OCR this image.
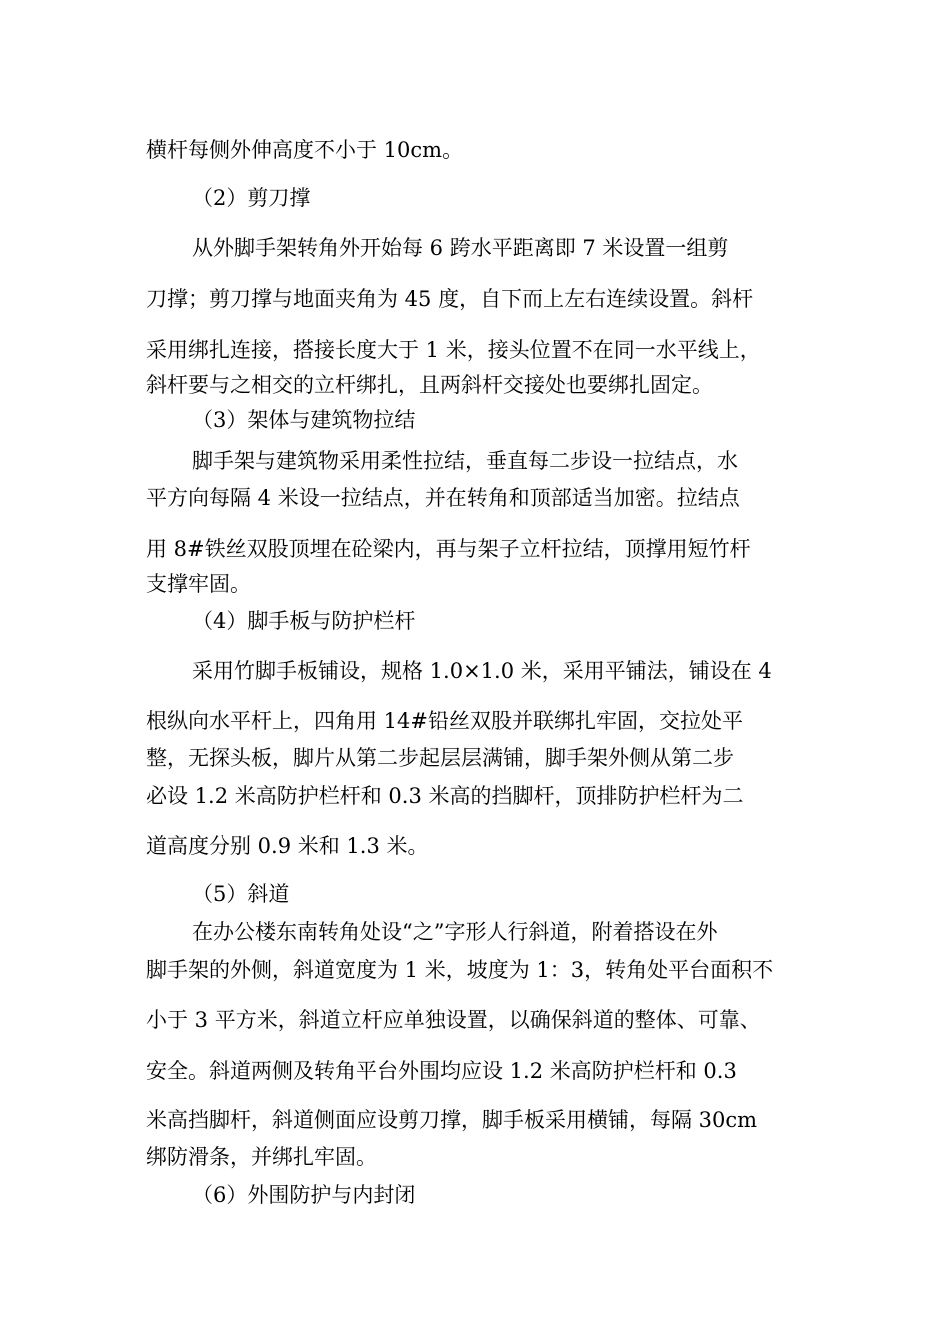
横杆每侧外伸高度不小于 10cm。
（2）剪刀撑
从外脚手架转角外开始每 6 跨水平距离即 7 米设置一组剪
刀撑；剪刀撑与地面夹角为 45 度，自下而上左右连续设置。斜杆
采用绑扎连接，搭接长度大于 1 米，接头位置不在同一水平线上，
斜杆要与之相交的立杆绑扎，且两斜杆交接处也要绑扎固定。
（3）架体与建筑物拉结
脚手架与建筑物采用柔性拉结，垂直每二步设一拉结点，水
平方向每隔 4 米设一拉结点，并在转角和顶部适当加密。拉结点
用 8#铁丝双股顶埋在砼梁内，再与架子立杆拉结，顶撑用短竹杆
支撑牢固。
（4）脚手板与防护栏杆
采用竹脚手板铺设，规格 1.0×1.0 米，采用平铺法，铺设在 4
根纵向水平杆上，四角用 14#铅丝双股并联绑扎牢固，交拉处平
整，无探头板，脚片从第二步起层层满铺，脚手架外侧从第二步
必设 1.2 米高防护栏杆和 0.3 米高的挡脚杆，顶排防护栏杆为二
道高度分别 0.9 米和 1.3 米。
（5）斜道
在办公楼东南转角处设“之”字形人行斜道，附着搭设在外
脚手架的外侧，斜道宽度为 1 米，坡度为 1：3，转角处平台面积不
小于 3 平方米，斜道立杆应单独设置，以确保斜道的整体、可靠、
安全。斜道两侧及转角平台外围均应设 1.2 米高防护栏杆和 0.3
米高挡脚杆，斜道侧面应设剪刀撑，脚手板采用横铺，每隔 30cm
绑防滑条，并绑扎牢固。
（6）外围防护与内封闭
